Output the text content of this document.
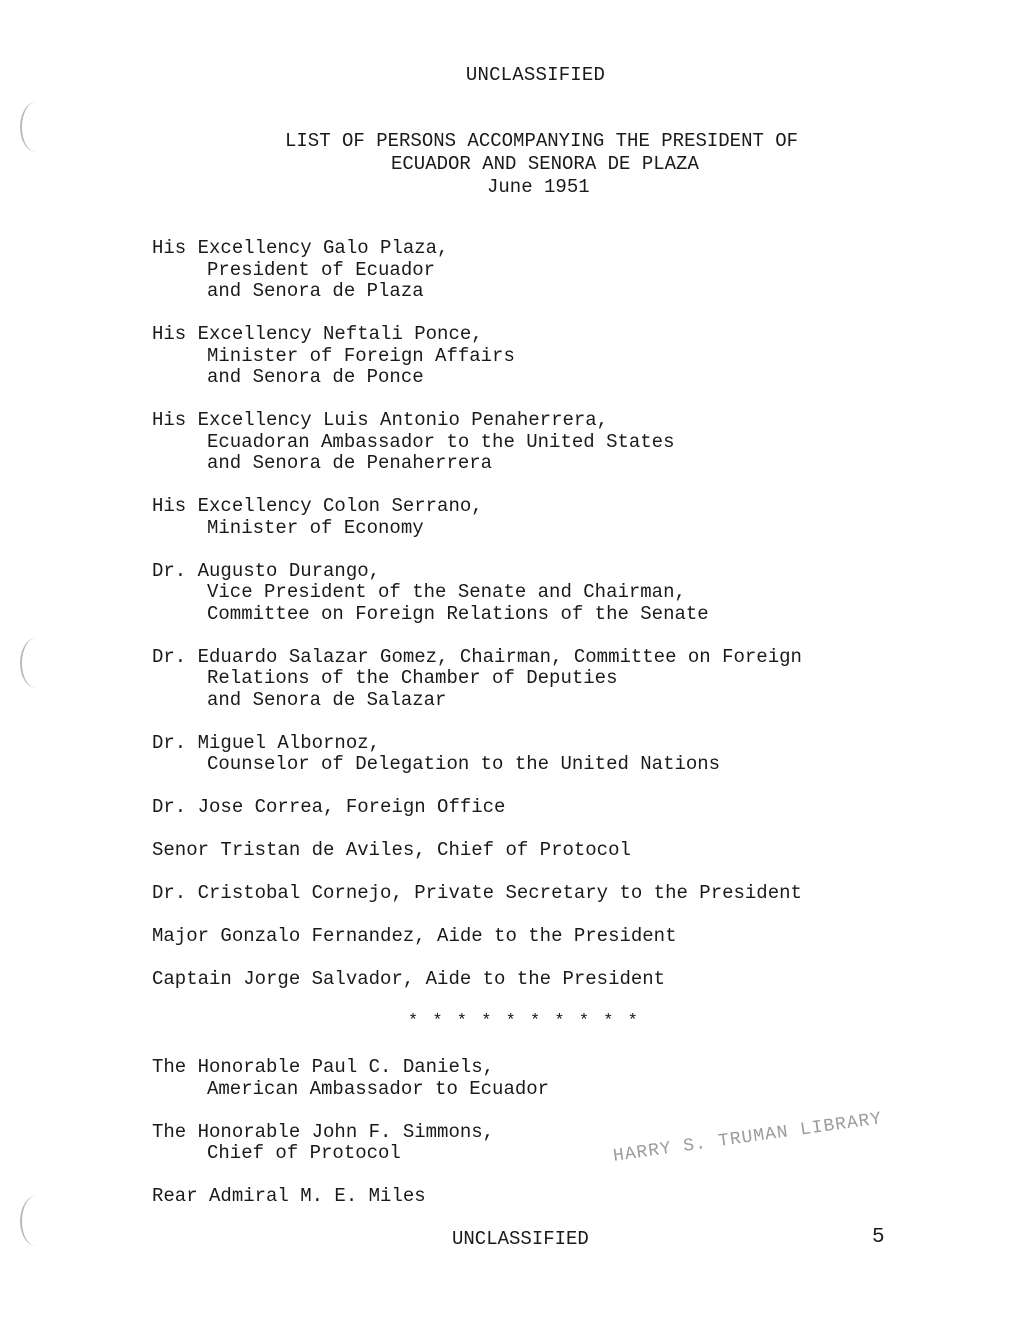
UNCLASSIFIED
LIST OF PERSONS ACCOMPANYING THE PRESIDENT OF
ECUADOR AND SENORA DE PLAZA
June 1951
His Excellency Galo Plaza,
President of Ecuador
and Senora de Plaza
His Excellency Neftali Ponce,
Minister of Foreign Affairs
and Senora de Ponce
His Excellency Luis Antonio Penaherrera,
Ecuadoran Ambassador to the United States
and Senora de Penaherrera
His Excellency Colon Serrano,
Minister of Economy
Dr. Augusto Durango,
Vice President of the Senate and Chairman,
Committee on Foreign Relations of the Senate
Dr. Eduardo Salazar Gomez, Chairman, Committee on Foreign
Relations of the Chamber of Deputies
and Senora de Salazar
Dr. Miguel Albornoz,
Counselor of Delegation to the United Nations
Dr. Jose Correa, Foreign Office
Senor Tristan de Aviles, Chief of Protocol
Dr. Cristobal Cornejo, Private Secretary to the President
Major Gonzalo Fernandez, Aide to the President
Captain Jorge Salvador, Aide to the President
* * * * * * * * * *
The Honorable Paul C. Daniels,
American Ambassador to Ecuador
The Honorable John F. Simmons,
Chief of Protocol
Rear Admiral M. E. Miles
HARRY S. TRUMAN LIBRARY
UNCLASSIFIED	5
